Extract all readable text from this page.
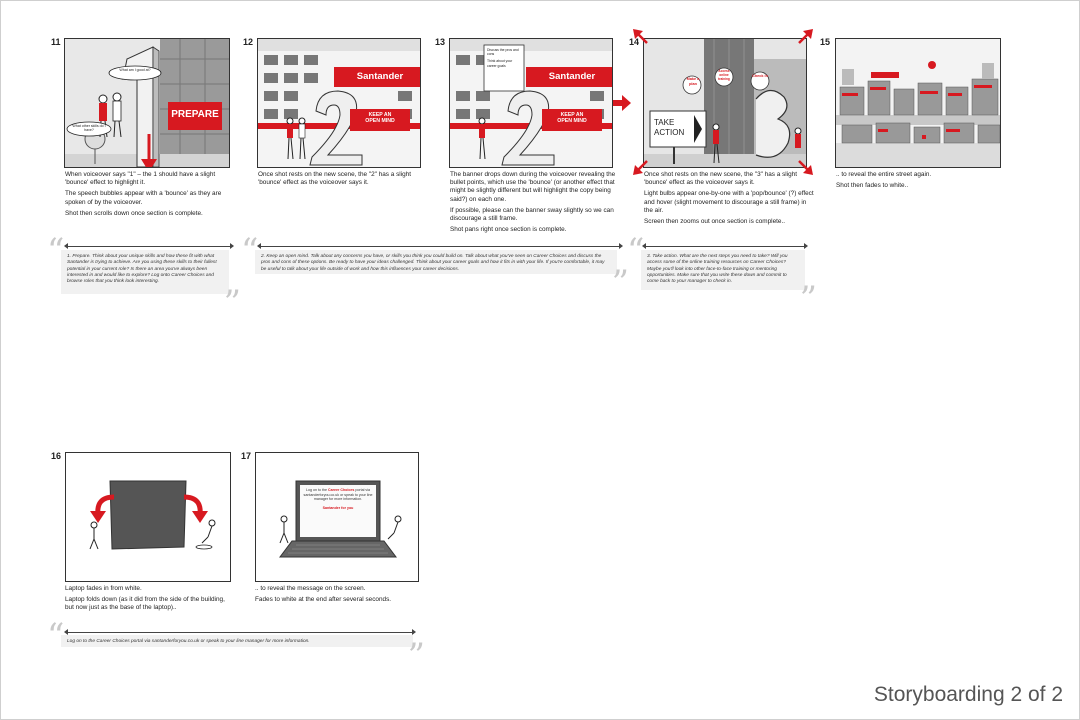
11
What am I good at?
What other skills do I have?
PREPARE

When voiceover says "1" – the 1 should have a slight 'bounce' effect to highlight it.

The speech bubbles appear with a 'bounce' as they are spoken of by the voiceover.

Shot then scrolls down once section is complete.

12
Santander
KEEP AN
OPEN MIND

Once shot rests on the new scene, the "2" has a slight 'bounce' effect as the voiceover says it.

13
Discuss the pros and cons
Think about your career goals
Santander
KEEP AN
OPEN MIND

The banner drops down during the voiceover revealing the bullet points, which use the 'bounce' (or another effect that might be slightly different but will highlight the copy being said?) on each one.

If possible, please can the banner sway slightly so we can discourage a still frame.

Shot pans right once section is complete.

14
Make a plan
Access online training
Check in
TAKE
ACTION

Once shot rests on the new scene, the "3" has a slight 'bounce' effect as the voiceover says it.

Light bulbs appear one-by-one with a 'pop/bounce' (?) effect and hover (slight movement to discourage a still frame) in the air.

Screen then zooms out once section is complete..

15

.. to reveal the entire street again.

Shot then fades to white..

“ 1. Prepare. Think about your unique skills and how these fit with what Santander is trying to achieve. Are you using these skills to their fullest potential in your current role? Is there an area you've always been interested in and would like to explore? Log onto Career Choices and browse roles that you think look interesting.
”
“ 2. Keep an open mind. Talk about any concerns you have, or skills you think you could build on. Talk about what you've seen on Career Choices and discuss the pros and cons of these options. Be ready to have your ideas challenged. Think about your career goals and how it fits in with your life. If you're comfortable, it may be useful to talk about your life outside of work and how this influences your career decisions.	”
“ 3. Take action. What are the next steps you need to take? Will you access some of the online training resources on Career Choices? Maybe you'll look into other face-to-face training or mentoring opportunities. Make sure that you write these down and commit to come back to your manager to check in. ”
16

Laptop fades in from white.

Laptop folds down (as it did from the side of the building, but now just as the base of the laptop)..

17
Log on to the Career Choices portal via santanderforyou.co.uk or speak to your line manager for more information.
Santander for you

.. to reveal the message on the screen.

Fades to white at the end after several seconds.

“ Log on to the Career Choices portal via santanderforyou.co.uk or speak to your line manager for more information.	”
Storyboarding 2 of 2
